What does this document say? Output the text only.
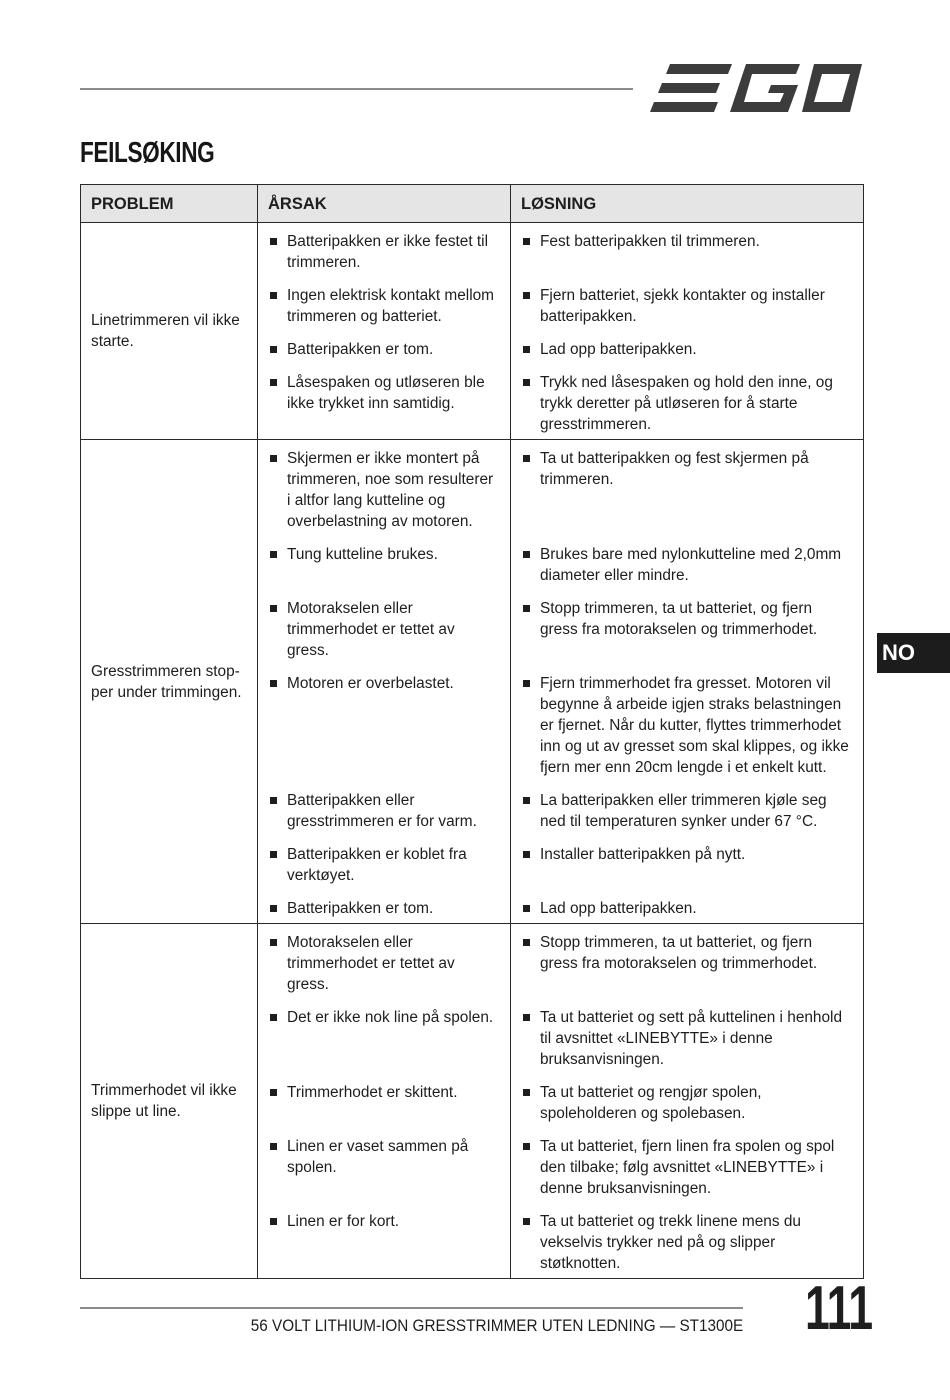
FEILSØKING
PROBLEM	ÅRSAK	LØSNING
Linetrimmeren vil ikke starte.	Batteripakken er ikke festet til trimmeren.	Fest batteripakken til trimmeren.

	Ingen elektrisk kontakt mellom trimmeren og batteriet.	Fjern batteriet, sjekk kontakter og installer batteripakken.

	Batteripakken er tom.	Lad opp batteripakken.

	Låsespaken og utløseren ble ikke trykket inn samtidig.	Trykk ned låsespaken og hold den inne, og trykk deretter på utløseren for å starte gresstrimmeren.

Gresstrimmeren stop-per under trimmingen.	Skjermen er ikke montert på trimmeren, noe som resulterer i altfor lang kutteline og overbelastning av motoren.	Ta ut batteripakken og fest skjermen på trimmeren.

	Tung kutteline brukes.	Brukes bare med nylonkutteline med 2,0mm diameter eller mindre.

	Motorakselen eller trimmerhodet er tettet av gress.	Stopp trimmeren, ta ut batteriet, og fjern gress fra motorakselen og trimmerhodet.

	Motoren er overbelastet.	Fjern trimmerhodet fra gresset. Motoren vil begynne å arbeide igjen straks belastningen er fjernet. Når du kutter, flyttes trimmerhodet inn og ut av gresset som skal klippes, og ikke fjern mer enn 20cm lengde i et enkelt kutt.

	Batteripakken eller gresstrimmeren er for varm.	La batteripakken eller trimmeren kjøle seg ned til temperaturen synker under 67 °C.

	Batteripakken er koblet fra verktøyet.	Installer batteripakken på nytt.

	Batteripakken er tom.	Lad opp batteripakken.

Trimmerhodet vil ikke slippe ut line.	Motorakselen eller trimmerhodet er tettet av gress.	Stopp trimmeren, ta ut batteriet, og fjern gress fra motorakselen og trimmerhodet.

	Det er ikke nok line på spolen.	Ta ut batteriet og sett på kuttelinen i henhold til avsnittet «LINEBYTTE» i denne bruksanvisningen.

	Trimmerhodet er skittent.	Ta ut batteriet og rengjør spolen, spoleholderen og spolebasen.

	Linen er vaset sammen på spolen.	Ta ut batteriet, fjern linen fra spolen og spol den tilbake; følg avsnittet «LINEBYTTE» i denne bruksanvisningen.

	Linen er for kort.	Ta ut batteriet og trekk linene mens du vekselvis trykker ned på og slipper støtknotten.
NO
56 VOLT LITHIUM-ION GRESSTRIMMER UTEN LEDNING — ST1300E 111
